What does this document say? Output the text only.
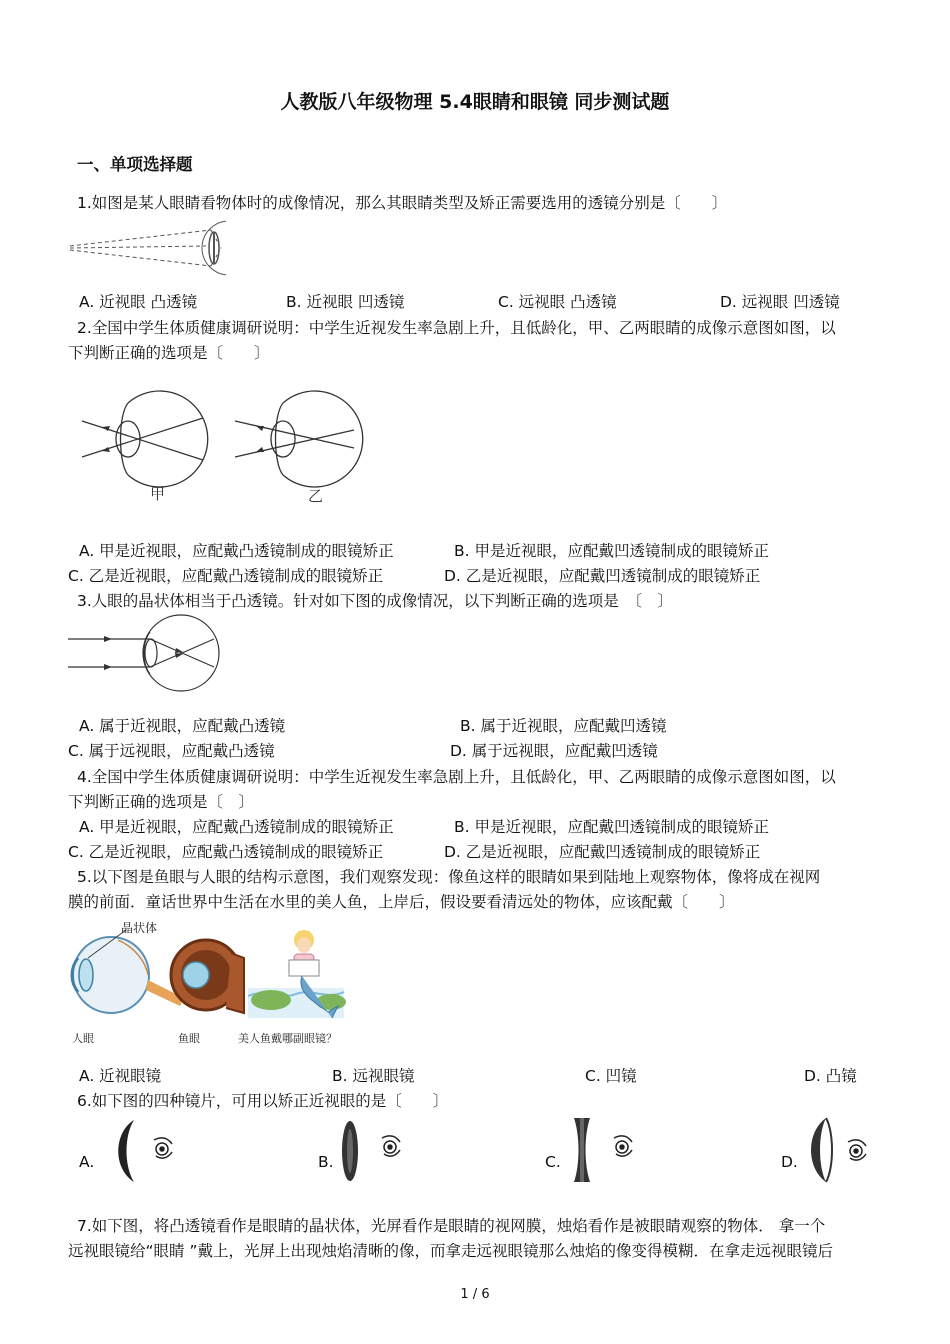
人教版八年级物理 5.4眼睛和眼镜 同步测试题
一、单项选择题
1.如图是某人眼睛看物体时的成像情况，那么其眼睛类型及矫正需要选用的透镜分别是〔　　〕
A. 近视眼 凸透镜	B. 近视眼 凹透镜	C. 远视眼 凸透镜	D. 远视眼 凹透镜
2.全国中学生体质健康调研说明：中学生近视发生率急剧上升，且低龄化，甲、乙两眼睛的成像示意图如图，以
下判断正确的选项是〔　　〕
甲	乙
A. 甲是近视眼，应配戴凸透镜制成的眼镜矫正	B. 甲是近视眼，应配戴凹透镜制成的眼镜矫正
C. 乙是近视眼，应配戴凸透镜制成的眼镜矫正	D. 乙是近视眼，应配戴凹透镜制成的眼镜矫正
3.人眼的晶状体相当于凸透镜。针对如下图的成像情况，以下判断正确的选项是　〔　〕
A. 属于近视眼，应配戴凸透镜	B. 属于近视眼，应配戴凹透镜
C. 属于远视眼，应配戴凸透镜	D. 属于远视眼，应配戴凹透镜
4.全国中学生体质健康调研说明：中学生近视发生率急剧上升，且低龄化，甲、乙两眼睛的成像示意图如图，以
下判断正确的选项是〔　〕
A. 甲是近视眼，应配戴凸透镜制成的眼镜矫正	B. 甲是近视眼，应配戴凹透镜制成的眼镜矫正
C. 乙是近视眼，应配戴凸透镜制成的眼镜矫正	D. 乙是近视眼，应配戴凹透镜制成的眼镜矫正
5.以下图是鱼眼与人眼的结构示意图，我们观察发现：像鱼这样的眼睛如果到陆地上观察物体，像将成在视网
膜的前面．童话世界中生活在水里的美人鱼，上岸后，假设要看清远处的物体，应该配戴〔　　〕
晶状体
人眼	鱼眼	美人鱼戴哪副眼镜？
A. 近视眼镜	B. 远视眼镜	C. 凹镜	D. 凸镜
6.如下图的四种镜片，可用以矫正近视眼的是〔　　〕
A.	B.	C.	D.
7.如下图，将凸透镜看作是眼睛的晶状体，光屏看作是眼睛的视网膜，烛焰看作是被眼睛观察的物体． 拿一个
远视眼镜给“眼睛 ”戴上，光屏上出现烛焰清晰的像，而拿走远视眼镜那么烛焰的像变得模糊．在拿走远视眼镜后
1 / 6
